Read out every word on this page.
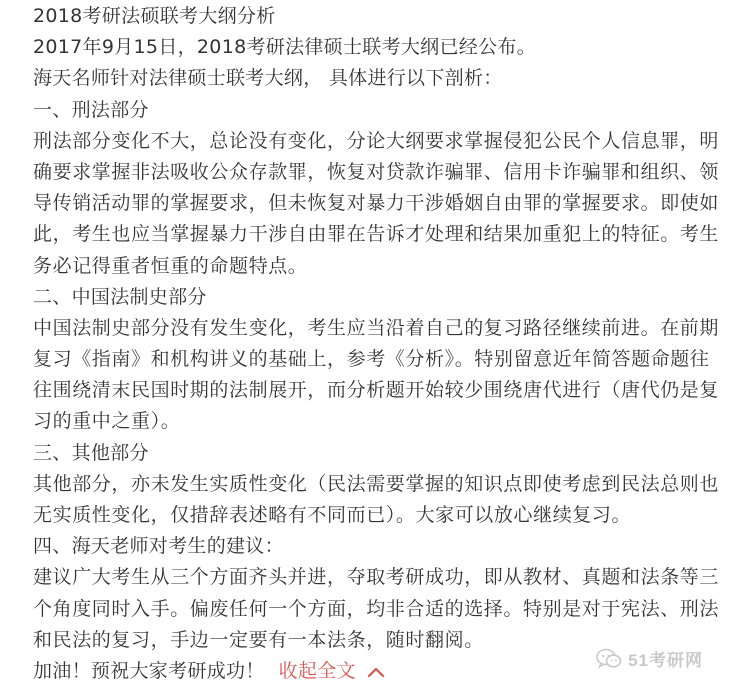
2018考研法硕联考大纲分析
2017年9月15日，2018考研法律硕士联考大纲已经公布。
海天名师针对法律硕士联考大纲， 具体进行以下剖析：
一、刑法部分
刑法部分变化不大，总论没有变化，分论大纲要求掌握侵犯公民个人信息罪，明
确要求掌握非法吸收公众存款罪，恢复对贷款诈骗罪、信用卡诈骗罪和组织、领
导传销活动罪的掌握要求，但未恢复对暴力干涉婚姻自由罪的掌握要求。即使如
此，考生也应当掌握暴力干涉自由罪在告诉才处理和结果加重犯上的特征。考生
务必记得重者恒重的命题特点。
二、中国法制史部分
中国法制史部分没有发生变化，考生应当沿着自己的复习路径继续前进。在前期
复习《指南》和机构讲义的基础上，参考《分析》。特别留意近年简答题命题往
往围绕清末民国时期的法制展开，而分析题开始较少围绕唐代进行（唐代仍是复
习的重中之重）。
三、其他部分
其他部分，亦未发生实质性变化（民法需要掌握的知识点即使考虑到民法总则也
无实质性变化，仅措辞表述略有不同而已）。大家可以放心继续复习。
四、海天老师对考生的建议：
建议广大考生从三个方面齐头并进，夺取考研成功，即从教材、真题和法条等三
个角度同时入手。偏废任何一个方面，均非合适的选择。特别是对于宪法、刑法
和民法的复习，手边一定要有一本法条，随时翻阅。
加油！预祝大家考研成功！ 收起全文	51考研网
